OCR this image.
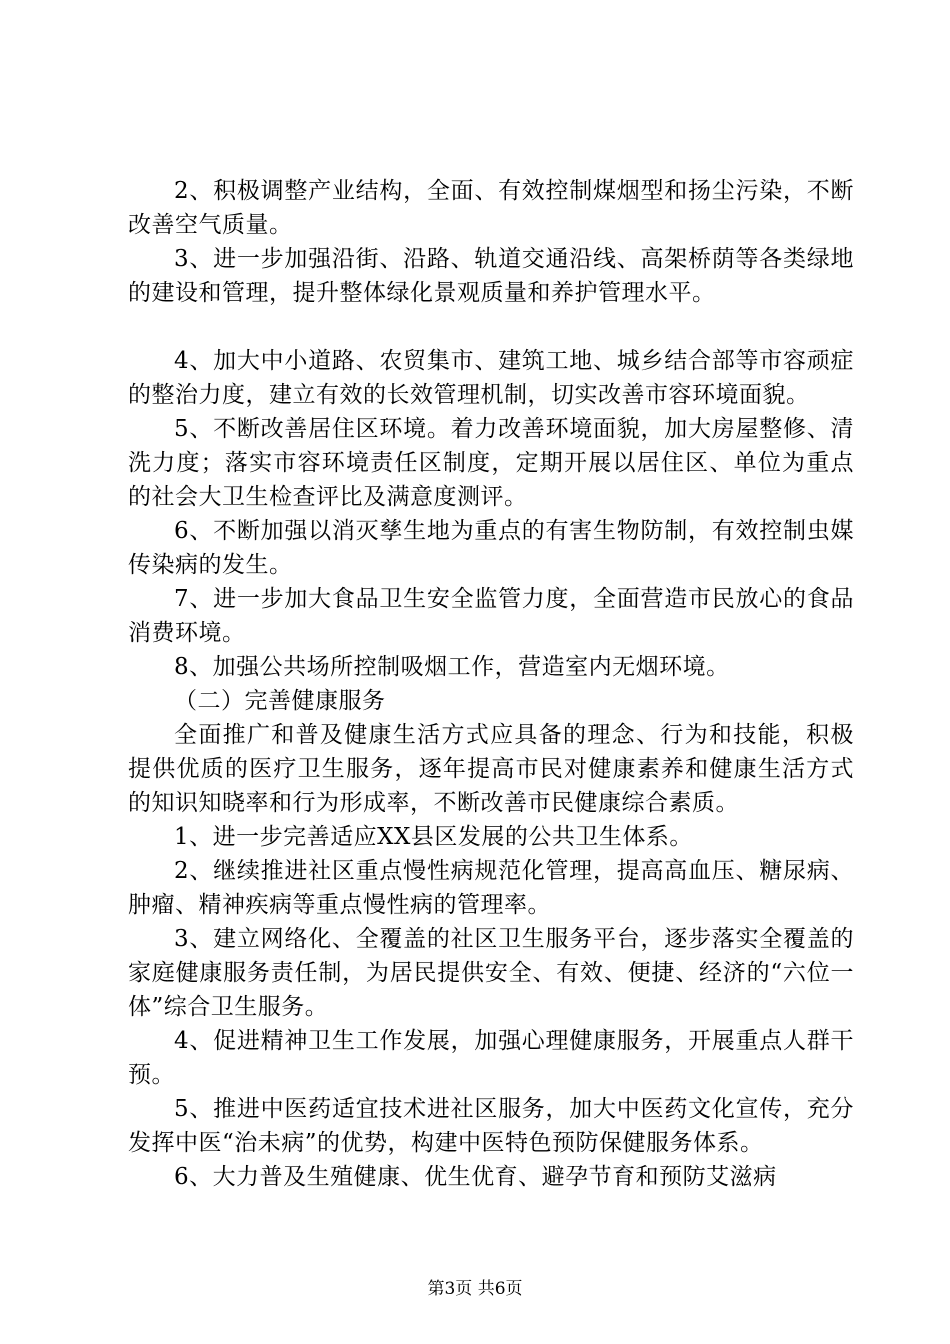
2、积极调整产业结构，全面、有效控制煤烟型和扬尘污染，不断改善空气质量。

3、进一步加强沿街、沿路、轨道交通沿线、高架桥荫等各类绿地的建设和管理，提升整体绿化景观质量和养护管理水平。

4、加大中小道路、农贸集市、建筑工地、城乡结合部等市容顽症的整治力度，建立有效的长效管理机制，切实改善市容环境面貌。

5、不断改善居住区环境。着力改善环境面貌，加大房屋整修、清洗力度；落实市容环境责任区制度，定期开展以居住区、单位为重点的社会大卫生检查评比及满意度测评。

6、不断加强以消灭孳生地为重点的有害生物防制，有效控制虫媒传染病的发生。

7、进一步加大食品卫生安全监管力度，全面营造市民放心的食品消费环境。

8、加强公共场所控制吸烟工作，营造室内无烟环境。

（二）完善健康服务

全面推广和普及健康生活方式应具备的理念、行为和技能，积极提供优质的医疗卫生服务，逐年提高市民对健康素养和健康生活方式的知识知晓率和行为形成率，不断改善市民健康综合素质。

1、进一步完善适应XX县区发展的公共卫生体系。

2、继续推进社区重点慢性病规范化管理，提高高血压、糖尿病、肿瘤、精神疾病等重点慢性病的管理率。

3、建立网络化、全覆盖的社区卫生服务平台，逐步落实全覆盖的家庭健康服务责任制，为居民提供安全、有效、便捷、经济的“六位一体”综合卫生服务。

4、促进精神卫生工作发展，加强心理健康服务，开展重点人群干预。

5、推进中医药适宜技术进社区服务，加大中医药文化宣传，充分发挥中医“治未病”的优势，构建中医特色预防保健服务体系。

6、大力普及生殖健康、优生优育、避孕节育和预防艾滋病

第3页 共6页
